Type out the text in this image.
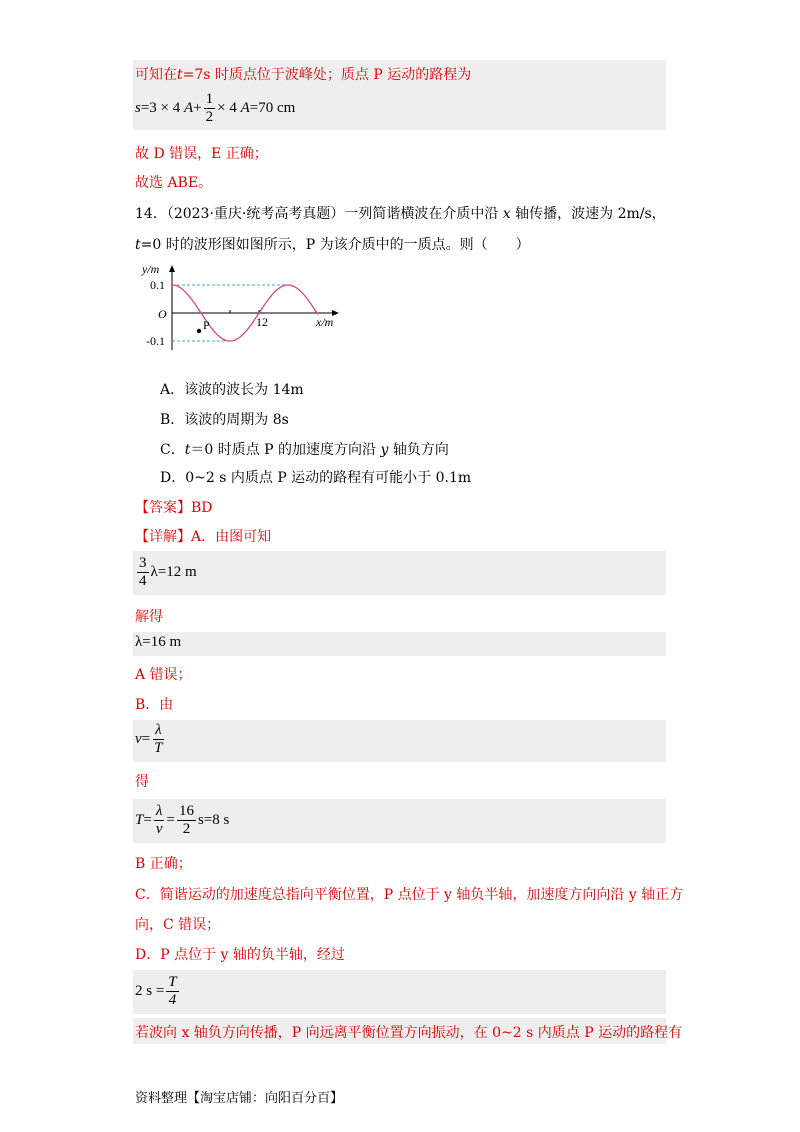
可知在t=7s 时质点位于波峰处；质点 P 运动的路程为
s=3 × 4 $A+ \frac{1}{2} \times 4$ A=70 cm
故 D 错误，E 正确；
故选 ABE。
14．（2023·重庆·统考高考真题）一列简谐横波在介质中沿 x 轴传播，波速为 2m/s，
t=0 时的波形图如图所示，P 为该介质中的一质点。则（　　）
y/m
0.1
O
-0.1
12	x/m
P
A．该波的波长为 14m
B．该波的周期为 8s
C．t＝0 时质点 P 的加速度方向沿 y 轴负方向
D．0~2 s 内质点 P 运动的路程有可能小于 0.1m
【答案】BD
【详解】A．由图可知
$\frac{3}{4} \lambda=12$ m
解得
λ=16 m
A 错误；
B．由
$v= \frac{\lambda}{T}$
得
$T= \frac{\lambda}{v} = \frac{16}{2} s=8$ s
B 正确；
C．简谐运动的加速度总指向平衡位置，P 点位于 y 轴负半轴，加速度方向向沿 y 轴正方
向，C 错误；
D．P 点位于 y 轴的负半轴，经过
2 $s = \frac{T}{4}$
若波向 x 轴负方向传播，P 向远离平衡位置方向振动，在 0~2 s 内质点 P 运动的路程有
资料整理【淘宝店铺：向阳百分百】
